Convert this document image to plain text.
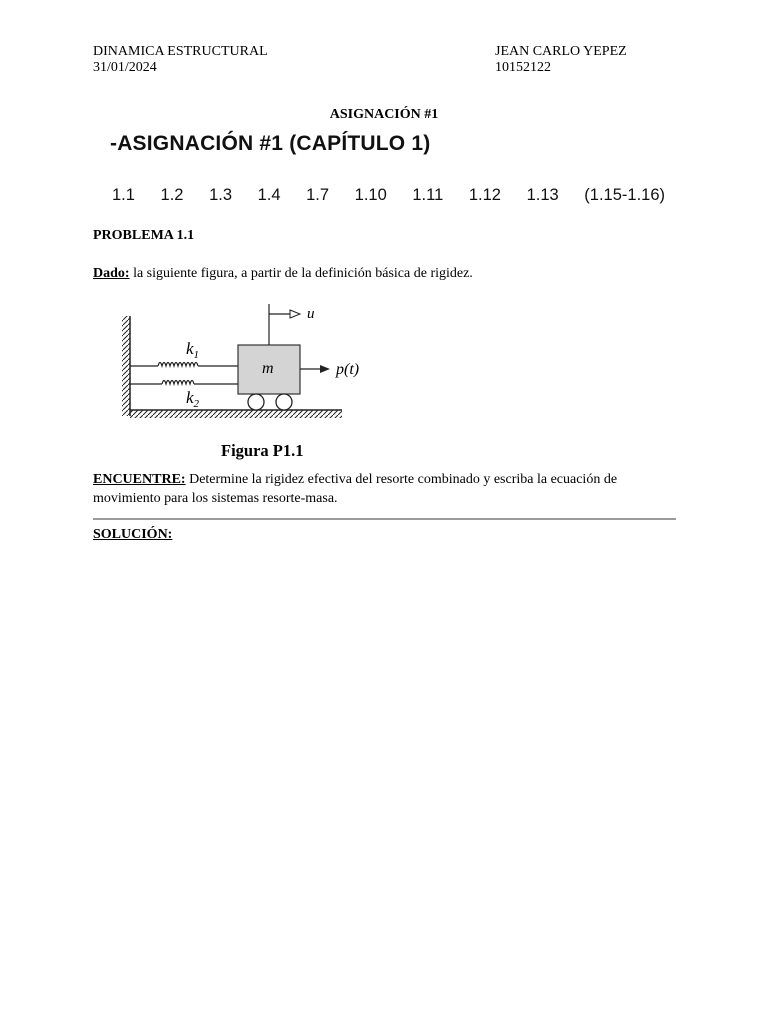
DINAMICA ESTRUCTURAL
31/01/2024
JEAN CARLO YEPEZ
10152122
ASIGNACIÓN #1
-ASIGNACIÓN #1 (CAPÍTULO 1)
1.1 1.2 1.3 1.4 1.7 1.10 1.11 1.12 1.13 (1.15-1.16)
PROBLEMA 1.1
Dado: la siguiente figura, a partir de la definición básica de rigidez.
$k_1$
$k_2$
m
u
p(t)
Figura P1.1
ENCUENTRE: Determine la rigidez efectiva del resorte combinado y escriba la ecuación de movimiento para los sistemas resorte-masa.
SOLUCIÓN:
